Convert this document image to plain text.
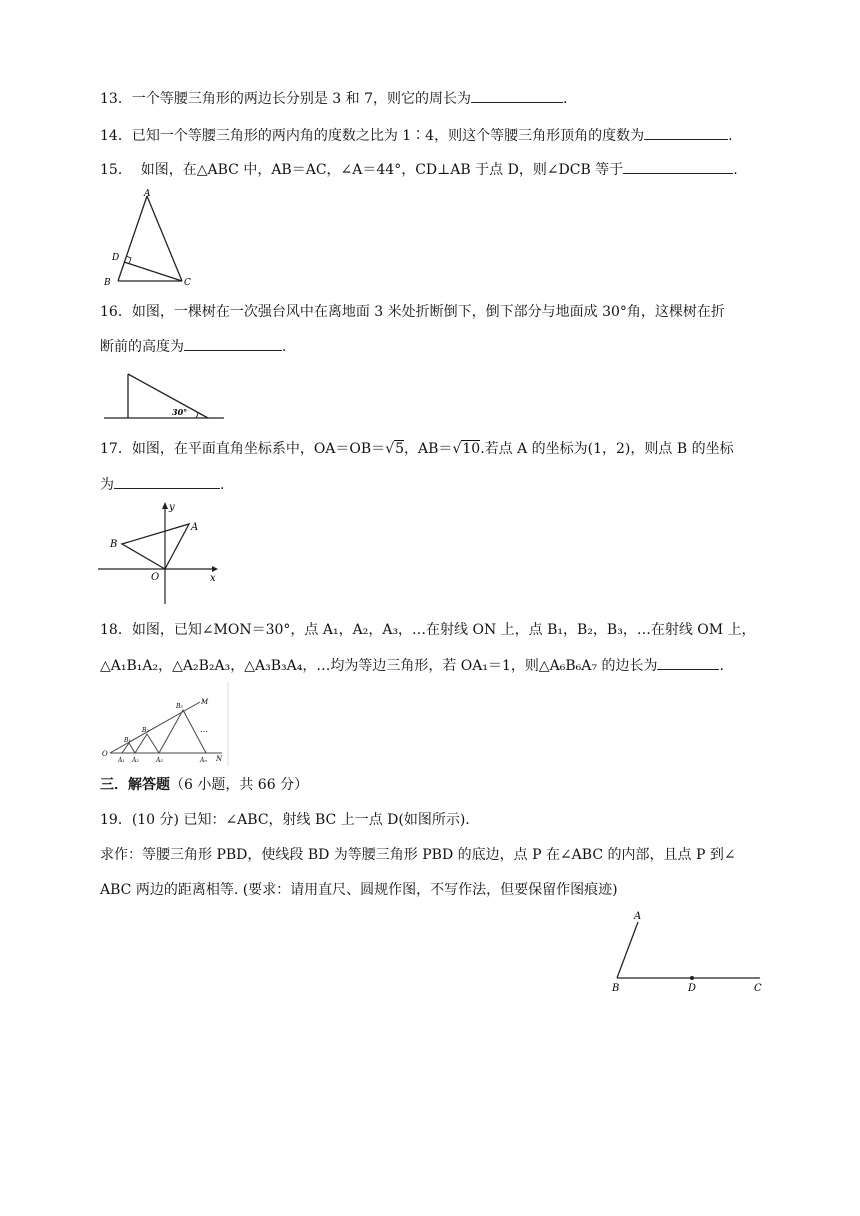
13．一个等腰三角形的两边长分别是 3 和 7，则它的周长为	.
14．已知一个等腰三角形的两内角的度数之比为 1∶4，则这个等腰三角形顶角的度数为	.
15． 如图，在△ABC 中，AB＝AC，∠A＝44°，CD⊥AB 于点 D，则∠DCB 等于	.
A
D
B	C
16．如图，一棵树在一次强台风中在离地面 3 米处折断倒下，倒下部分与地面成 30°角，这棵树在折
断前的高度为	.
30°
17．如图，在平面直角坐标系中，OA＝OB＝√5，AB＝√10.若点 A 的坐标为(1，2)，则点 B 的坐标
为	.
y
x
O
A
B
18．如图，已知∠MON＝30°，点 A₁，A₂，A₃，…在射线 ON 上，点 B₁，B₂，B₃，…在射线 OM 上，
△A₁B₁A₂，△A₂B₂A₃，△A₃B₃A₄，…均为等边三角形，若 OA₁＝1，则△A₆B₆A₇ 的边长为	.
O
M
N
B₁
B₂
B₃
A₁ A₂	A₃	Aₙ
…
三．解答题（6 小题，共 66 分）
19．(10 分) 已知：∠ABC，射线 BC 上一点 D(如图所示).
求作：等腰三角形 PBD，使线段 BD 为等腰三角形 PBD 的底边，点 P 在∠ABC 的内部，且点 P 到∠
ABC 两边的距离相等. (要求：请用直尺、圆规作图，不写作法，但要保留作图痕迹)
A
B	D	C
